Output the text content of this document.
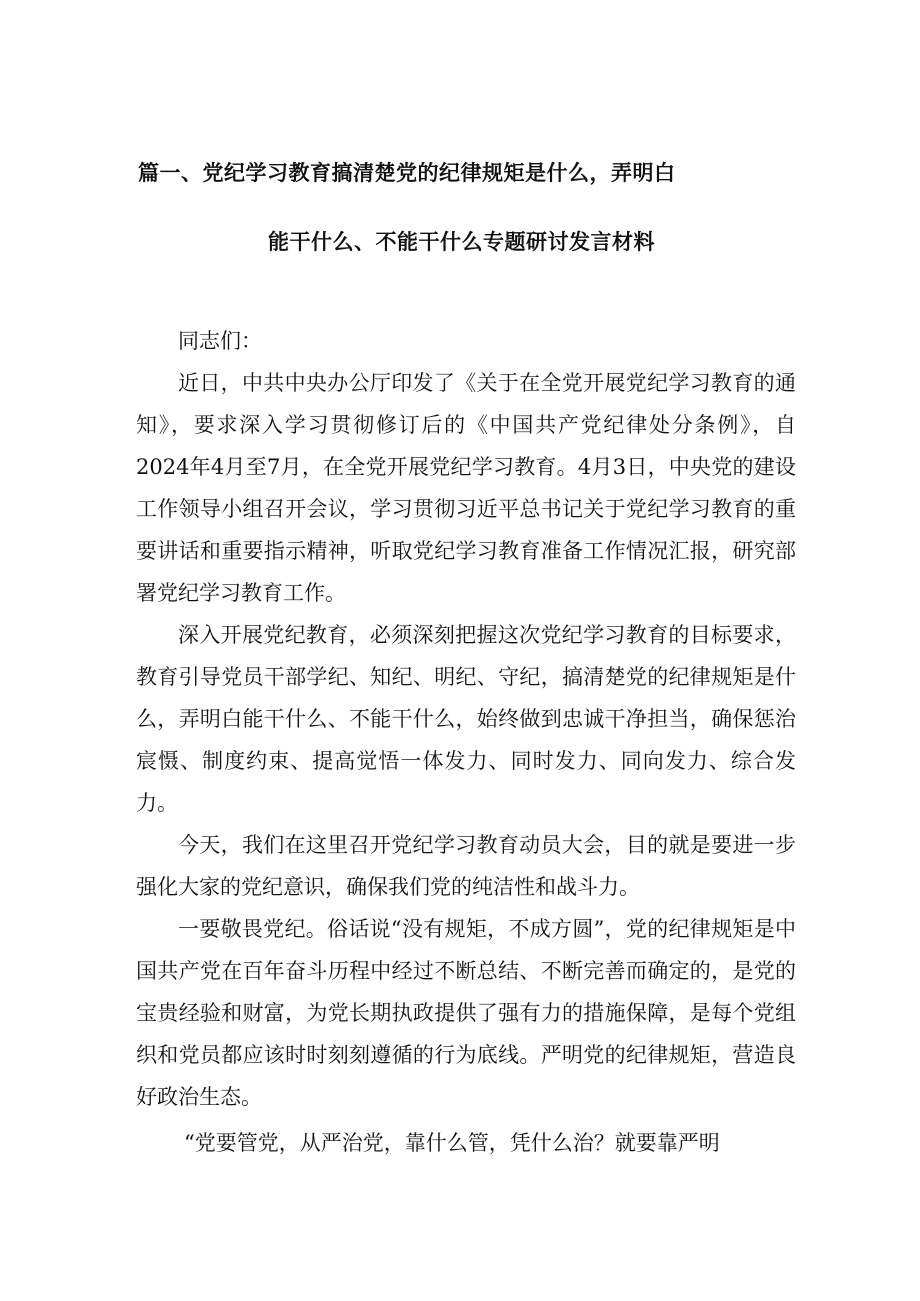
篇一、党纪学习教育搞清楚党的纪律规矩是什么，弄明白
能干什么、不能干什么专题研讨发言材料

同志们：

近日，中共中央办公厅印发了《关于在全党开展党纪学习教育的通知》，要求深入学习贯彻修订后的《中国共产党纪律处分条例》，自2024年4月至7月，在全党开展党纪学习教育。4月3日，中央党的建设工作领导小组召开会议，学习贯彻习近平总书记关于党纪学习教育的重要讲话和重要指示精神，听取党纪学习教育准备工作情况汇报，研究部署党纪学习教育工作。

深入开展党纪教育，必须深刻把握这次党纪学习教育的目标要求，教育引导党员干部学纪、知纪、明纪、守纪，搞清楚党的纪律规矩是什么，弄明白能干什么、不能干什么，始终做到忠诚干净担当，确保惩治宸慑、制度约束、提高觉悟一体发力、同时发力、同向发力、综合发力。

今天，我们在这里召开党纪学习教育动员大会，目的就是要进一步强化大家的党纪意识，确保我们党的纯洁性和战斗力。

一要敬畏党纪。俗话说“没有规矩，不成方圆”，党的纪律规矩是中国共产党在百年奋斗历程中经过不断总结、不断完善而确定的，是党的宝贵经验和财富，为党长期执政提供了强有力的措施保障，是每个党组织和党员都应该时时刻刻遵循的行为底线。严明党的纪律规矩，营造良好政治生态。

“党要管党，从严治党，靠什么管，凭什么治？就要靠严明
